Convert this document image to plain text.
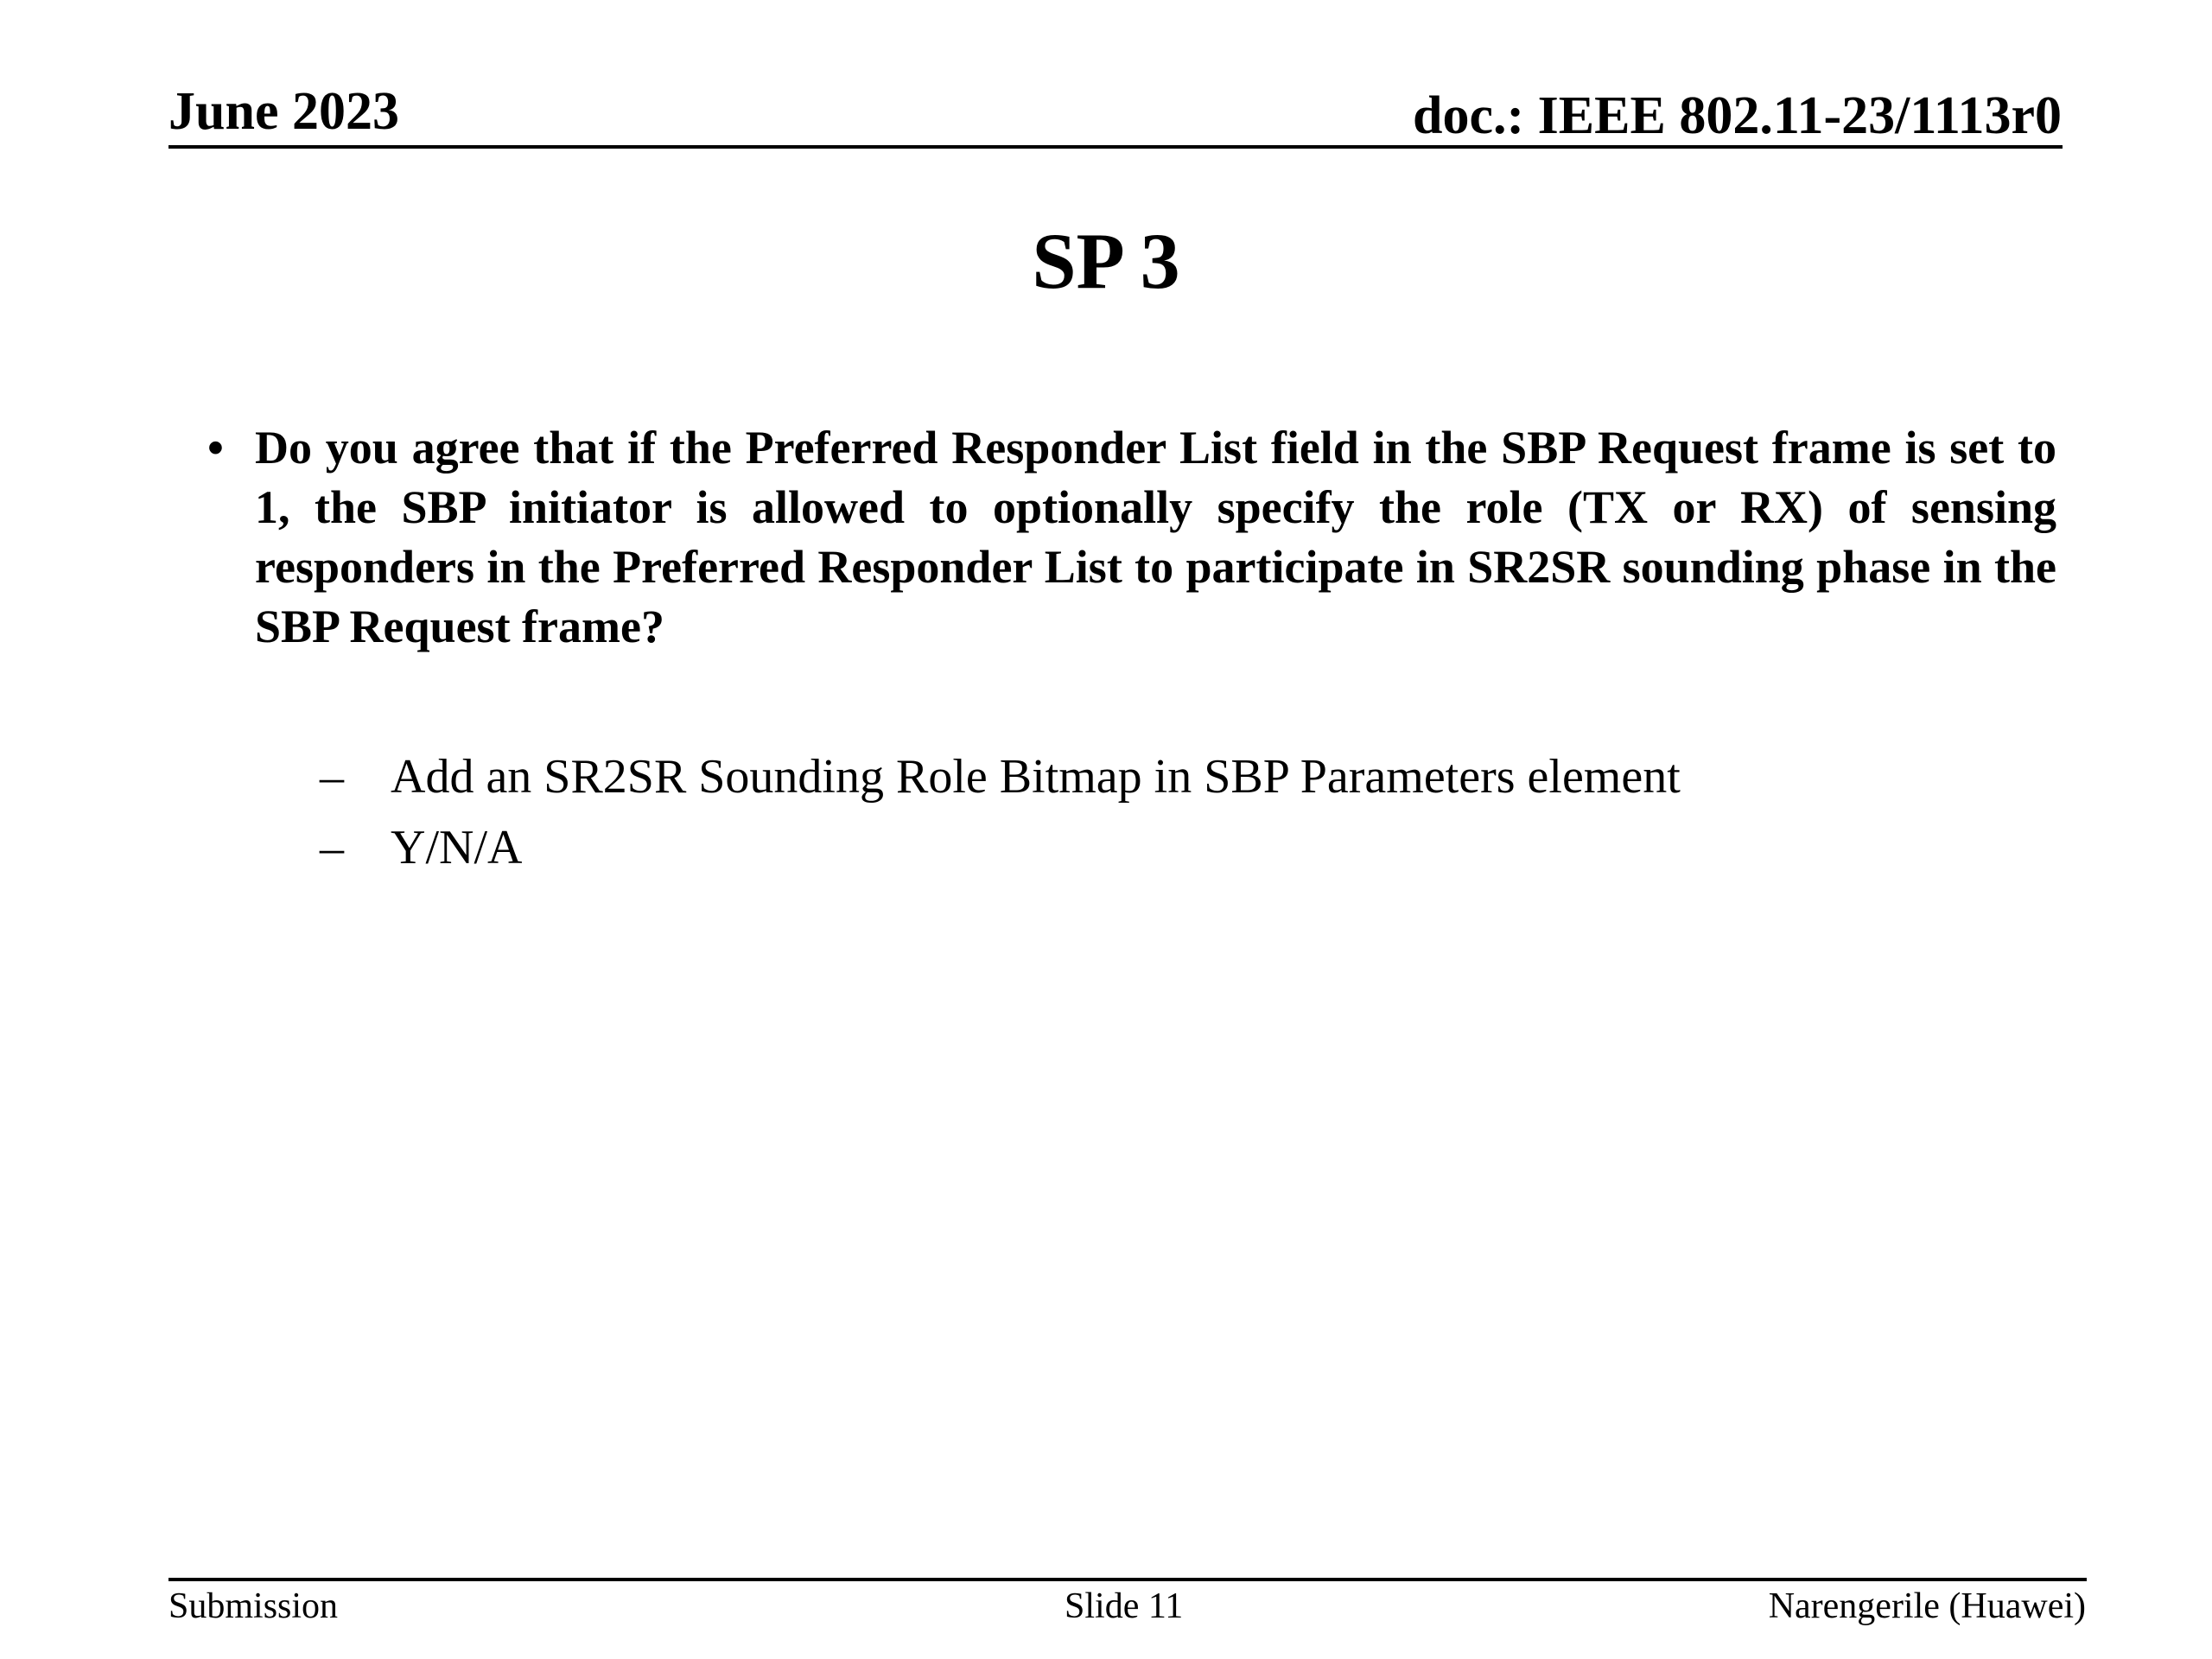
June 2023	doc.: IEEE 802.11-23/1113r0
SP 3
• Do you agree that if the Preferred Responder List field in the SBP Request frame is set to 1, the SBP initiator is allowed to optionally specify the role (TX or RX) of sensing responders in the Preferred Responder List to participate in SR2SR sounding phase in the SBP Request frame?
– Add an SR2SR Sounding Role Bitmap in SBP Parameters element
– Y/N/A
Submission	Slide 11	Narengerile (Huawei)
